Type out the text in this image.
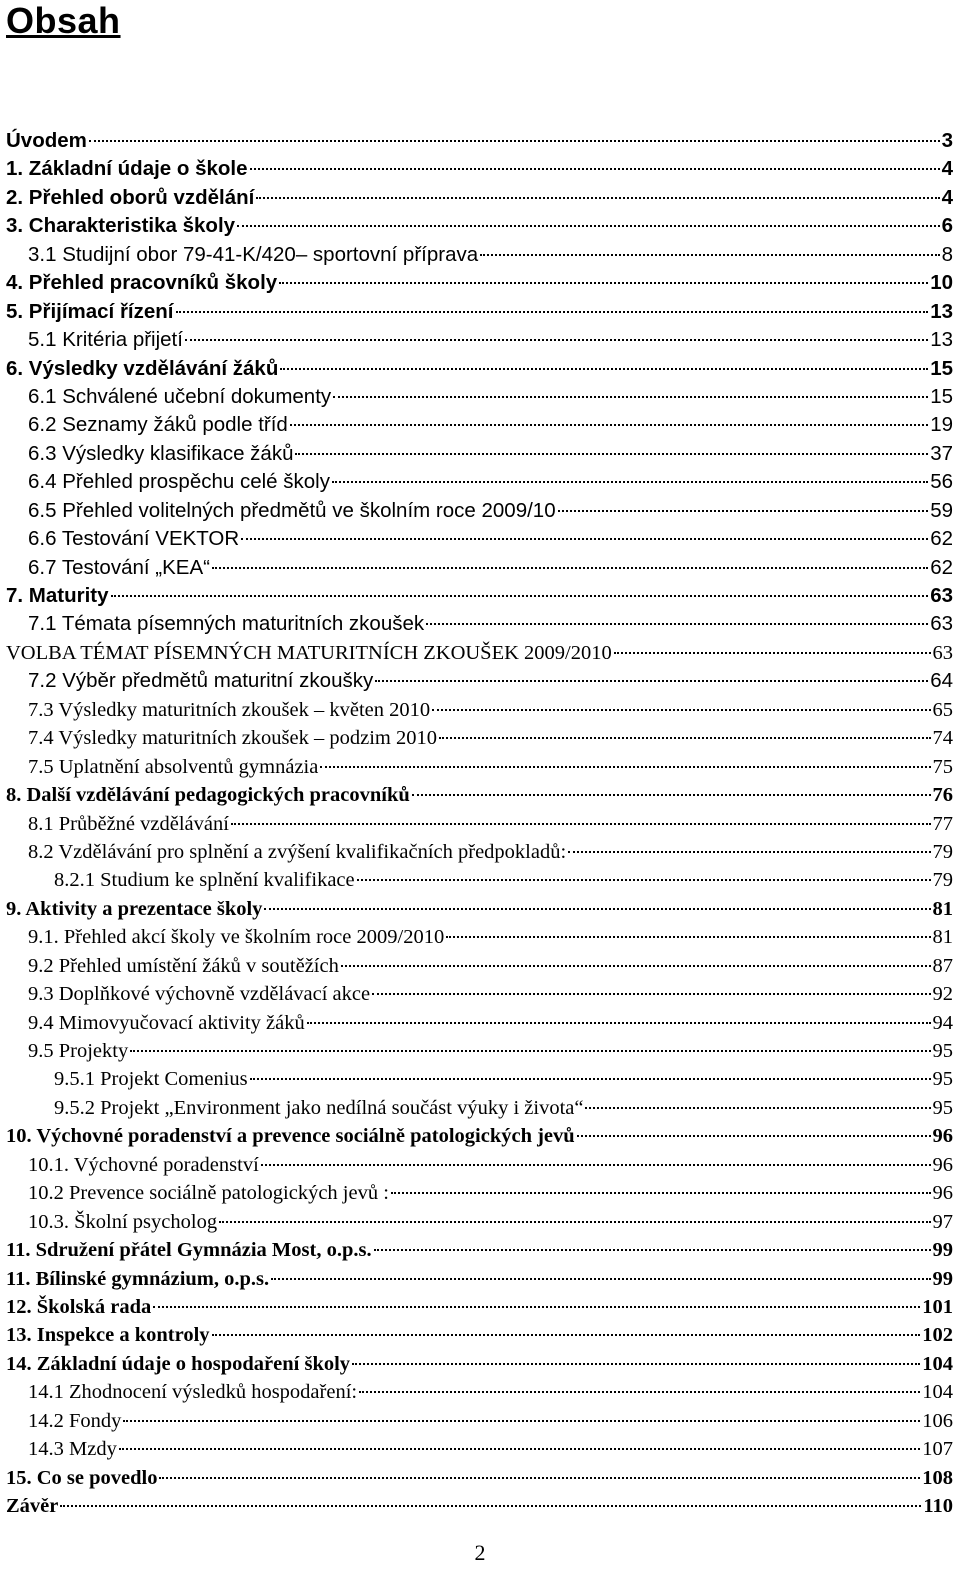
Obsah
Úvodem	3
1. Základní údaje o škole	4
2. Přehled oborů vzdělání	4
3. Charakteristika školy	6
3.1 Studijní obor 79-41-K/420– sportovní příprava	8
4. Přehled pracovníků školy	10
5. Přijímací řízení	13
5.1 Kritéria přijetí	13
6. Výsledky vzdělávání žáků	15
6.1 Schválené učební dokumenty	15
6.2 Seznamy žáků podle tříd	19
6.3 Výsledky klasifikace žáků	37
6.4 Přehled prospěchu celé školy	56
6.5 Přehled volitelných předmětů ve školním roce 2009/10	59
6.6 Testování VEKTOR	62
6.7 Testování „KEA“	62
7. Maturity	63
7.1 Témata písemných maturitních zkoušek	63
VOLBA TÉMAT PÍSEMNÝCH MATURITNÍCH ZKOUŠEK 2009/2010	63
7.2 Výběr předmětů maturitní zkoušky	64
7.3 Výsledky maturitních zkoušek – květen 2010	65
7.4 Výsledky maturitních zkoušek – podzim 2010	74
7.5 Uplatnění absolventů gymnázia	75
8. Další vzdělávání pedagogických pracovníků	76
8.1 Průběžné vzdělávání	77
8.2 Vzdělávání pro splnění a zvýšení kvalifikačních předpokladů:	79
8.2.1 Studium ke splnění kvalifikace	79
9. Aktivity a prezentace školy	81
9.1. Přehled akcí školy ve školním roce 2009/2010	81
9.2 Přehled umístění žáků v soutěžích	87
9.3 Doplňkové výchovně vzdělávací akce	92
9.4 Mimovyučovací aktivity žáků	94
9.5 Projekty	95
9.5.1 Projekt Comenius	95
9.5.2 Projekt „Environment jako nedílná součást výuky i života“	95
10. Výchovné poradenství a prevence sociálně patologických jevů	96
10.1. Výchovné poradenství	96
10.2 Prevence sociálně patologických jevů :	96
10.3. Školní psycholog	97
11. Sdružení přátel Gymnázia Most, o.p.s.	99
11. Bílinské gymnázium, o.p.s.	99
12. Školská rada	101
13. Inspekce a kontroly	102
14. Základní údaje o hospodaření školy	104
14.1 Zhodnocení výsledků hospodaření:	104
14.2 Fondy	106
14.3 Mzdy	107
15. Co se povedlo	108
Závěr	110
2
